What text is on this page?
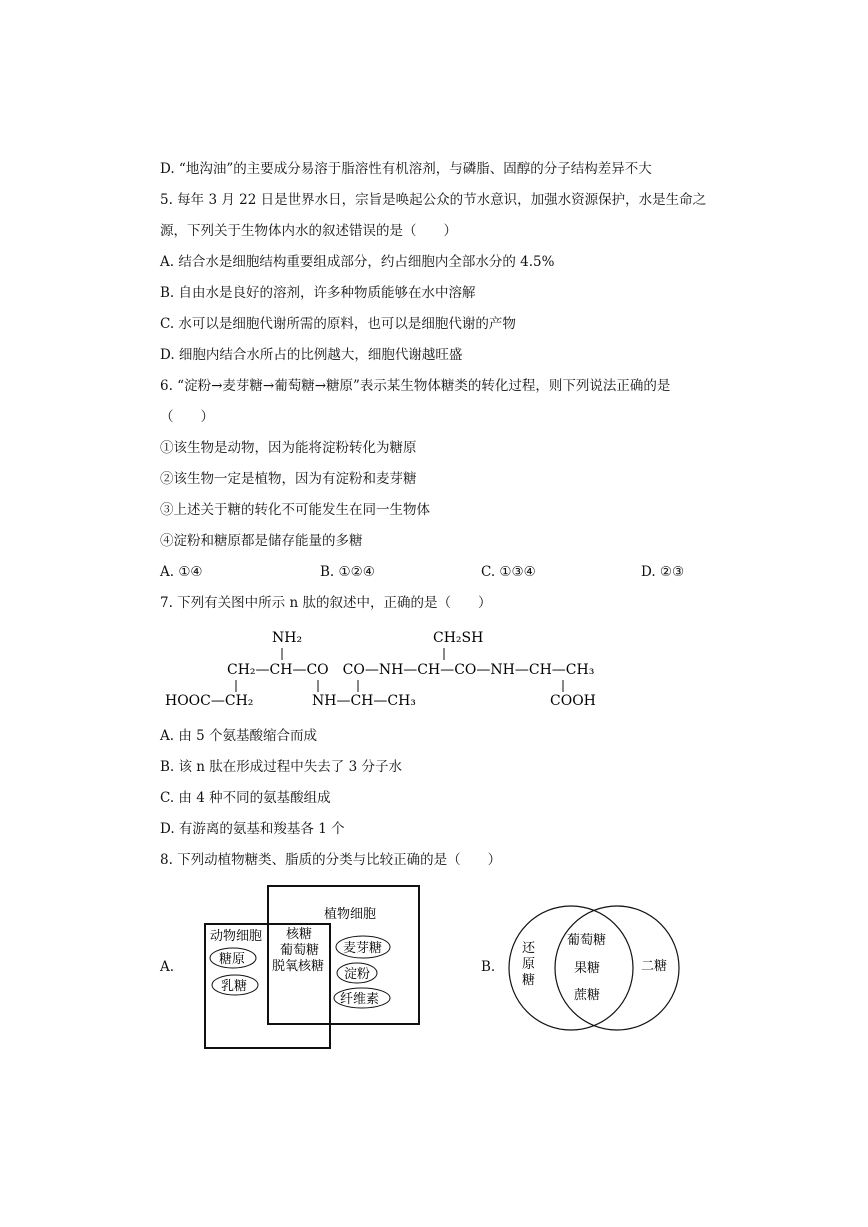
D. “地沟油”的主要成分易溶于脂溶性有机溶剂，与磷脂、固醇的分子结构差异不大
5. 每年 3 月 22 日是世界水日，宗旨是唤起公众的节水意识，加强水资源保护，水是生命之
源，下列关于生物体内水的叙述错误的是（　　）
A. 结合水是细胞结构重要组成部分，约占细胞内全部水分的 4.5%
B. 自由水是良好的溶剂，许多种物质能够在水中溶解
C. 水可以是细胞代谢所需的原料，也可以是细胞代谢的产物
D. 细胞内结合水所占的比例越大，细胞代谢越旺盛
6. “淀粉→麦芽糖→葡萄糖→糖原”表示某生物体糖类的转化过程，则下列说法正确的是
（　　）
①该生物是动物，因为能将淀粉转化为糖原
②该生物一定是植物，因为有淀粉和麦芽糖
③上述关于糖的转化不可能发生在同一生物体
④淀粉和糖原都是储存能量的多糖
A. ①④	B. ①②④	C. ①③④	D. ②③
7. 下列有关图中所示 n 肽的叙述中，正确的是（　　）
NH₂	CH₂SH
CH₂—CH—CO　CO—NH—CH—CO—NH—CH—CH₃
HOOC—CH₂	NH—CH—CH₃	COOH
A. 由 5 个氨基酸缩合而成
B. 该 n 肽在形成过程中失去了 3 分子水
C. 由 4 种不同的氨基酸组成
D. 有游离的氨基和羧基各 1 个
8. 下列动植物糖类、脂质的分类与比较正确的是（　　）
A.	B.
植物细胞
动物细胞
糖原
乳糖
核糖
葡萄糖
脱氧核糖
麦芽糖
淀粉
纤维素
还
原
糖
葡萄糖
果糖
蔗糖
二糖
